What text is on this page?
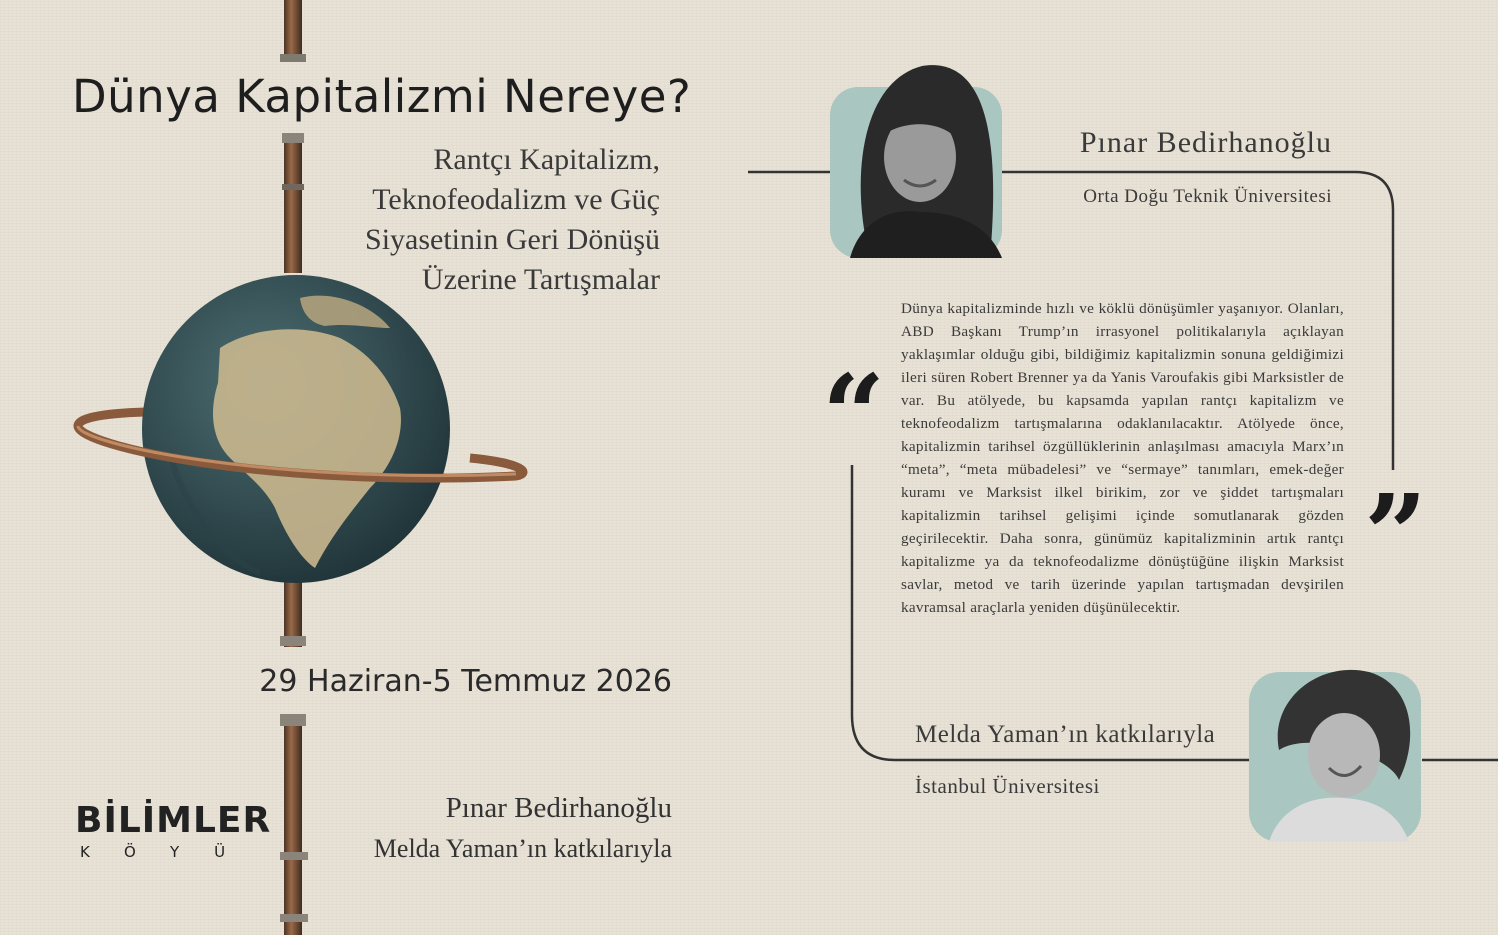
Dünya Kapitalizmi Nereye?
Rantçı Kapitalizm,
Teknofeodalizm ve Güç
Siyasetinin Geri Dönüşü
Üzerine Tartışmalar
29 Haziran-5 Temmuz 2026
Pınar Bedirhanoğlu
Melda Yaman’ın katkılarıyla
BİLİMLER
KÖYÜ
Pınar Bedirhanoğlu
Orta Doğu Teknik Üniversitesi
Melda Yaman’ın katkılarıyla
İstanbul Üniversitesi
“
”
Dünya kapitalizminde hızlı ve köklü dönüşümler yaşanıyor. Olanları, ABD Başkanı Trump’ın irrasyonel politikalarıyla açıklayan yaklaşımlar olduğu gibi, bildiğimiz kapitalizmin sonuna geldiğimizi ileri süren Robert Brenner ya da Yanis Varoufakis gibi Marksistler de var. Bu atölyede, bu kapsamda yapılan rantçı kapitalizm ve teknofeodalizm tartışmalarına odaklanılacaktır. Atölyede önce, kapitalizmin tarihsel özgüllüklerinin anlaşılması amacıyla Marx’ın “meta”, “meta mübadelesi” ve “sermaye” tanımları, emek-değer kuramı ve Marksist ilkel birikim, zor ve şiddet tartışmaları kapitalizmin tarihsel gelişimi içinde somutlanarak gözden geçirilecektir. Daha sonra, günümüz kapitalizminin artık rantçı kapitalizme ya da teknofeodalizme dönüştüğüne ilişkin Marksist savlar, metod ve tarih üzerinde yapılan tartışmadan devşirilen kavramsal araçlarla yeniden düşünülecektir.
